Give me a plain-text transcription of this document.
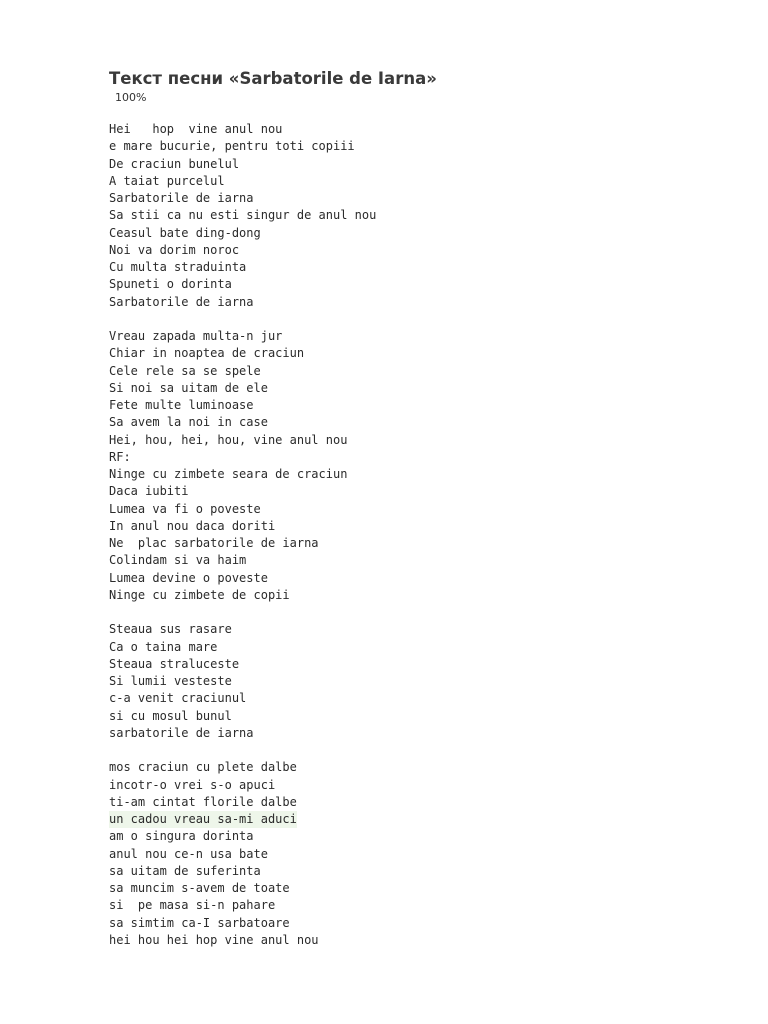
Текст песни «Sarbatorile de Iarna»
100%
Hei   hop  vine anul nou
e mare bucurie, pentru toti copiii
De craciun bunelul
A taiat purcelul
Sarbatorile de iarna
Sa stii ca nu esti singur de anul nou
Ceasul bate ding-dong
Noi va dorim noroc
Cu multa straduinta
Spuneti o dorinta
Sarbatorile de iarna
Vreau zapada multa-n jur
Chiar in noaptea de craciun
Cele rele sa se spele
Si noi sa uitam de ele
Fete multe luminoase
Sa avem la noi in case
Hei, hou, hei, hou, vine anul nou
RF:
Ninge cu zimbete seara de craciun
Daca iubiti
Lumea va fi o poveste
In anul nou daca doriti
Ne  plac sarbatorile de iarna
Colindam si va haim
Lumea devine o poveste
Ninge cu zimbete de copii
Steaua sus rasare
Ca o taina mare
Steaua straluceste
Si lumii vesteste
c-a venit craciunul
si cu mosul bunul
sarbatorile de iarna
mos craciun cu plete dalbe
incotr-o vrei s-o apuci
ti-am cintat florile dalbe
un cadou vreau sa-mi aduci
am o singura dorinta
anul nou ce-n usa bate
sa uitam de suferinta
sa muncim s-avem de toate
si  pe masa si-n pahare
sa simtim ca-I sarbatoare
hei hou hei hop vine anul nou
